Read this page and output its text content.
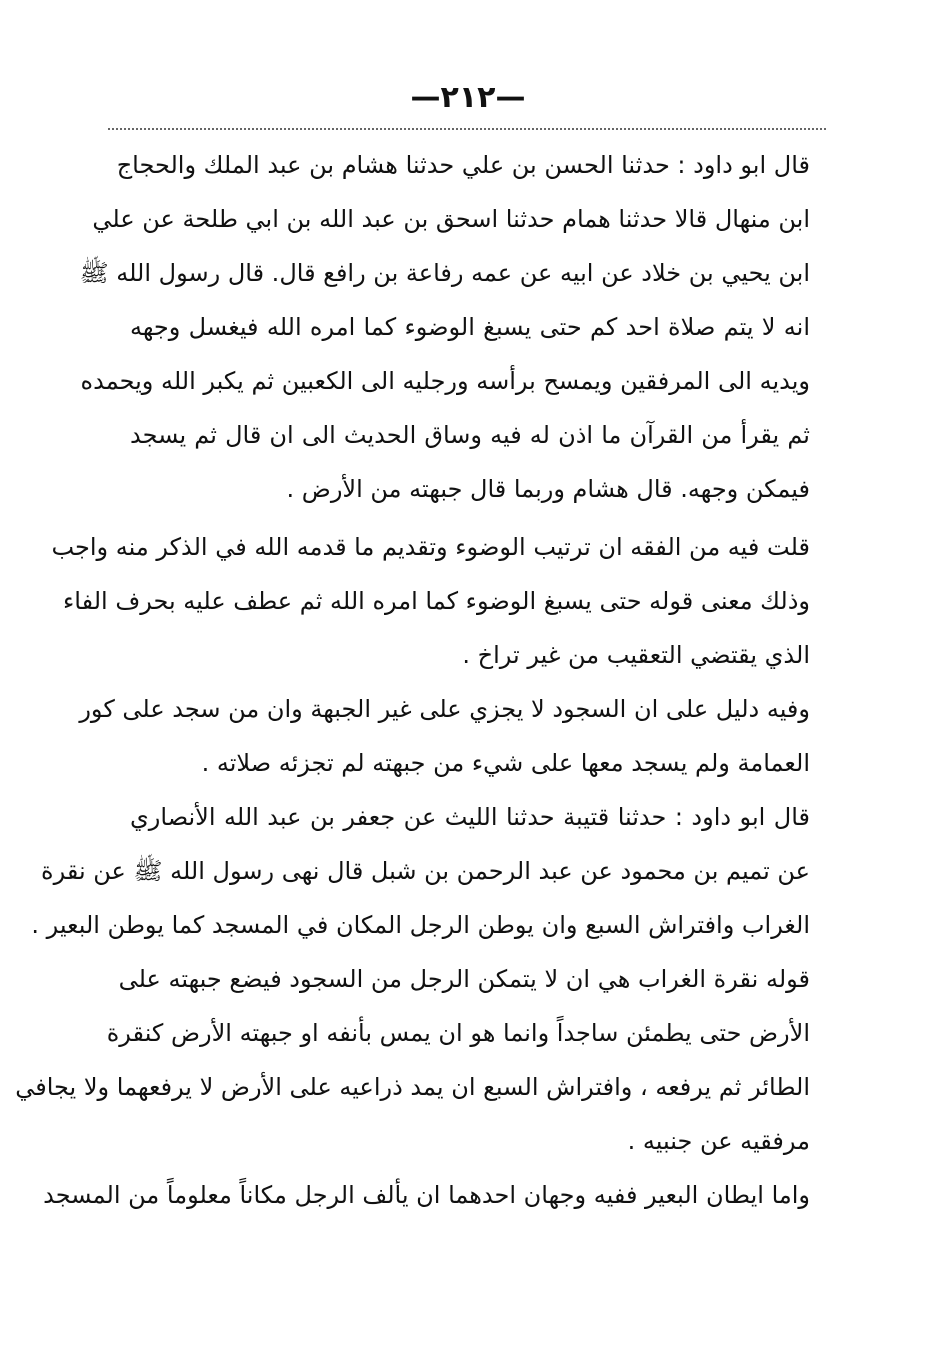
—٢١٢—
قال ابو داود : حدثنا الحسن بن علي حدثنا هشام بن عبد الملك والحجاج
ابن منهال قالا حدثنا همام حدثنا اسحق بن عبد الله بن ابي طلحة عن علي
ابن يحيي بن خلاد عن ابيه عن عمه رفاعة بن رافع قال. قال رسول الله ﷺ
انه لا يتم صلاة احد كم حتى يسبغ الوضوء كما امره الله فيغسل وجهه
ويديه الى المرفقين ويمسح برأسه ورجليه الى الكعبين ثم يكبر الله ويحمده
ثم يقرأ من القرآن ما اذن له فيه وساق الحديث الى ان قال ثم يسجد
فيمكن وجهه. قال هشام وربما قال جبهته من الأرض .
قلت فيه من الفقه ان ترتيب الوضوء وتقديم ما قدمه الله في الذكر منه واجب
وذلك معنى قوله حتى يسبغ الوضوء كما امره الله ثم عطف عليه بحرف الفاء
الذي يقتضي التعقيب من غير تراخ .
وفيه دليل على ان السجود لا يجزي على غير الجبهة وان من سجد على كور
العمامة ولم يسجد معها على شيء من جبهته لم تجزئه صلاته .
قال ابو داود : حدثنا قتيبة حدثنا الليث عن جعفر بن عبد الله الأنصاري
عن تميم بن محمود عن عبد الرحمن بن شبل قال نهى رسول الله ﷺ عن نقرة
الغراب وافتراش السبع وان يوطن الرجل المكان في المسجد كما يوطن البعير .
قوله نقرة الغراب هي ان لا يتمكن الرجل من السجود فيضع جبهته على
الأرض حتى يطمئن ساجداً وانما هو ان يمس بأنفه او جبهته الأرض كنقرة
الطائر ثم يرفعه ، وافتراش السبع ان يمد ذراعيه على الأرض لا يرفعهما ولا يجافي
مرفقيه عن جنبيه .
واما ايطان البعير ففيه وجهان احدهما ان يألف الرجل مكاناً معلوماً من المسجد
